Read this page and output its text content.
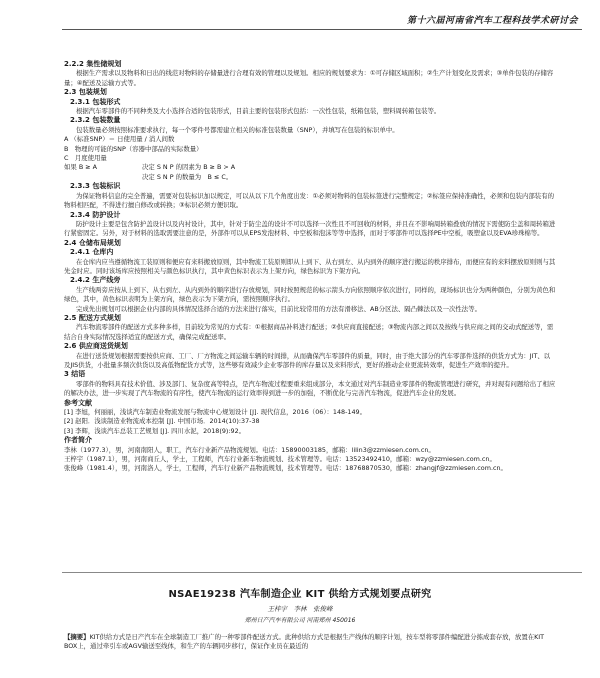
第十六届河南省汽车工程科技学术研讨会
2.2.2 集性储规划
根据生产需求以及物料和日出的线范对物料的存储量进行合理有效的管理以及规划。相应的规划要求为：①可存储区域面积；②生产计划变化及需求；③单件包装的存储容量；④配送及运输方式等。
2.3 包装规划
2.3.1 包装形式
根据汽车零部件的不同种类及大小选择合适的包装形式，目前主要的包装形式包括：一次性包装，纸箱包装，塑料周转箱包装等。
2.3.2 包装数量
包装数量必须按照标准要求执行，每一个零件号都需建立相关的标准包装数量（SNP），并填写在包装的标识单中。
A （标准SNP）＝ 日使用量 / 消人间数
B　物理的可能的SNP（容器中部品的实际数量）
C　月度使用量
如果 B ≥ A	决定 S N P 的因素为 B ≥ B > A
决定 S N P 的数量为　B ≤ C。
2.3.3 包装标识
为保证物料信息的完全普遍，需要对包装标识加以规定，可以从以下几个角度出发：①必须对物料的包装标签进行完整规定；②标签应保持准确性，必须和包装内部装有的物料相匹配，不得进行擅自修改或转换；③标识必须方便识取。
2.3.4 防护设计
防护设计主要是包含防护盖设计以及内衬设计，其中，针对于防尘盖的设计不可以选择一次性且不可回收的材料，并且在不影响周转箱叠放的情况下需使防尘盖和周转箱进行紧密固定。另外，对于材料的选取需要注意的是，外部件可以从EPS发泡材料、中空板和泡沫等等中选择，而对于零部件可以选择PE中空板，吸塑盒以及EVA珍珠棉等。
2.4 仓储布局规划
2.4.1 仓库内
在仓库内应当遵循物流工装原则和便应有来料搬放原则，其中物流工装原则即从上到下、从右到左、从内到外的顺序进行搬运的秩序排布，而便应有的来料摆放原则则与其先金时应。同时该场库应按照相关与颜色标识执行，其中黄色标识表示为上架方向，绿色标识为下架方向。
2.4.2 生产线旁
生产线两旁应按从上到下、从右到左、从内到外的顺序进行存放规划，同时按照规范的标示箭头方向依照顺序依次进行，同样的，现场标识也分为两种颜色，分别为黄色和绿色，其中，黄色标识表明为上架方向，绿色表示为下架方向，需按照顺序执行。
完成先出规划可以根据企业内部的具体情况选择合适的方法来进行落实，目前比较常用的方法有滑移法、AB分区法、隔凸棘法以及一次性法等。
2.5 配送方式规划
汽车物流零部件的配送方式多种多样，目前较为常见的方式有：①根据商品补料进行配送；②供应商直接配送；③物流内部之间以及按线与供应商之间的交动式配送等，需结合自身实际情况选择适宜的配送方式，确保完成配送率。
2.6 供应商送货规划
在进行送货规划根据需要按供应商、工厂、厂方物流之间运输车辆的时间排，从而确保汽车零部件的质量，同时，由于绝大部分的汽车零部件选择的供货方式为：JIT、以及JIS供货，小批量多频次供货以及高低物配货方式等，这些够有效减少企业零部件的库存量以及来料形式，更好的推动企业更流转效率，促进生产效率的提升。
3 结语
零部件的物料具有技术价值、涉及部门、复杂度高等特点，是汽车物流过程要重来组成部分，本文通过对汽车制造业零部件的物流管理进行研究，并对现有问题给出了相应的解决办法，进一步实现了汽车物流的有序性，使汽车物流的运行效率得到进一步的加强，不断优化与完善汽车物流，促进汽车企业的发展。
参考文献
[1] 李旭，何丽丽，浅谈汽车制造业物流发展与物流中心规划设计 [J]. 现代信息，2016（06）：148-149。
[2] 赵阳．浅谈制造业物流成本控制 [J]. 中国市场．2014(10):37-38
[3] 李辉，浅谈汽车总装工艺规划 [J]. 四川水泥，2018(9):92。
作者简介
李林（1977.3），男，河南南阳人，职工，汽车行业新产品物流规划。电话：15890003185，邮箱：lilin3@zzmiesen.com.cn。
王梓宇（1987.1），男，河南商丘人，学士，工程师，汽车行业新车物流规划、技术管理等。电话：13523492410，邮箱：wzy@zzmiesen.com.cn。
张俊峰（1981.4），男，河南洛人，学士，工程师，汽车行业新产品物流规划，技术管理等。电话：18768870530，邮箱：zhangjf@zzmiesen.com.cn。
NSAE19238 汽车制造企业 KIT 供给方式规划要点研究
王梓宇　李林　张俊峰
郑州日产汽车有限公司 河南郑州 450016
【摘要】KIT供给方式是日产汽车在全球制造工厂推广的一种零部件配送方式。此种供给方式是根据生产线体的顺序计划，按车型将零部件编配进分拣成套存放，放置在KIT BOX上，通过牵引车或AGV输送至线体，和生产的车辆同步移行，保证作业员在最近的
